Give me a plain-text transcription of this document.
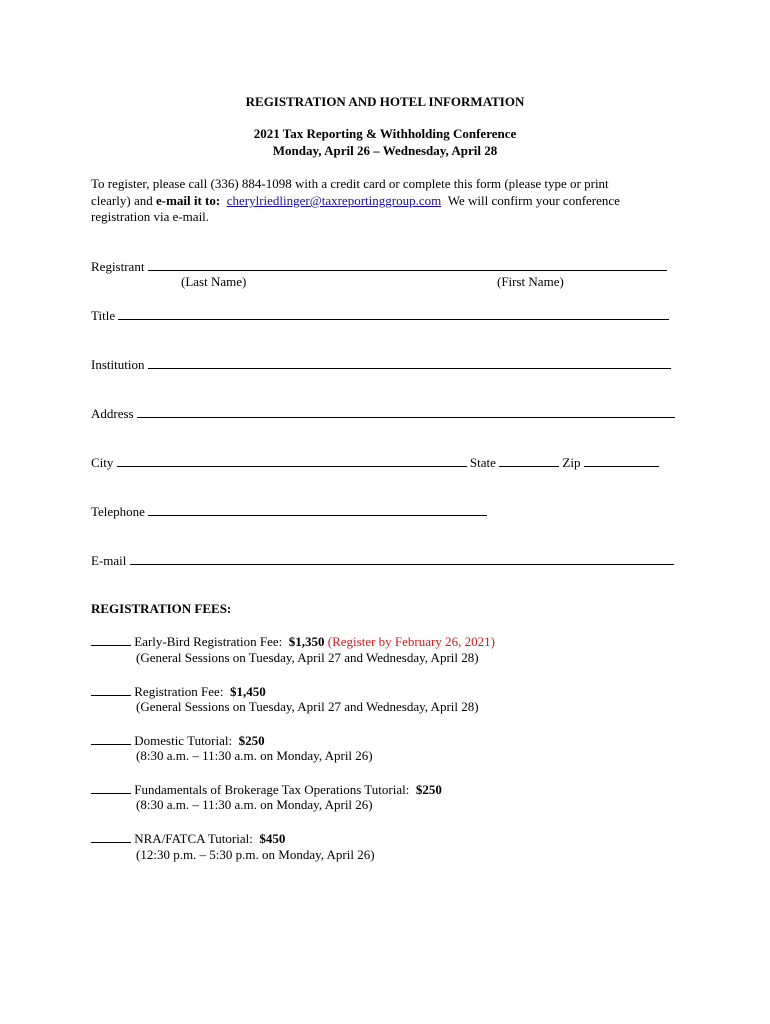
REGISTRATION AND HOTEL INFORMATION
2021 Tax Reporting & Withholding Conference
Monday, April 26 – Wednesday, April 28
To register, please call (336) 884-1098 with a credit card or complete this form (please type or print
clearly) and e-mail it to: cherylriedlinger@taxreportinggroup.com We will confirm your conference
registration via e-mail.
Registrant
(Last Name)	(First Name)
Title
Institution
Address
City	State	Zip
Telephone
E-mail
REGISTRATION FEES:
Early-Bird Registration Fee: $1,350 (Register by February 26, 2021)
(General Sessions on Tuesday, April 27 and Wednesday, April 28)
Registration Fee: $1,450
(General Sessions on Tuesday, April 27 and Wednesday, April 28)
Domestic Tutorial: $250
(8:30 a.m. – 11:30 a.m. on Monday, April 26)
Fundamentals of Brokerage Tax Operations Tutorial: $250
(8:30 a.m. – 11:30 a.m. on Monday, April 26)
NRA/FATCA Tutorial: $450
(12:30 p.m. – 5:30 p.m. on Monday, April 26)
